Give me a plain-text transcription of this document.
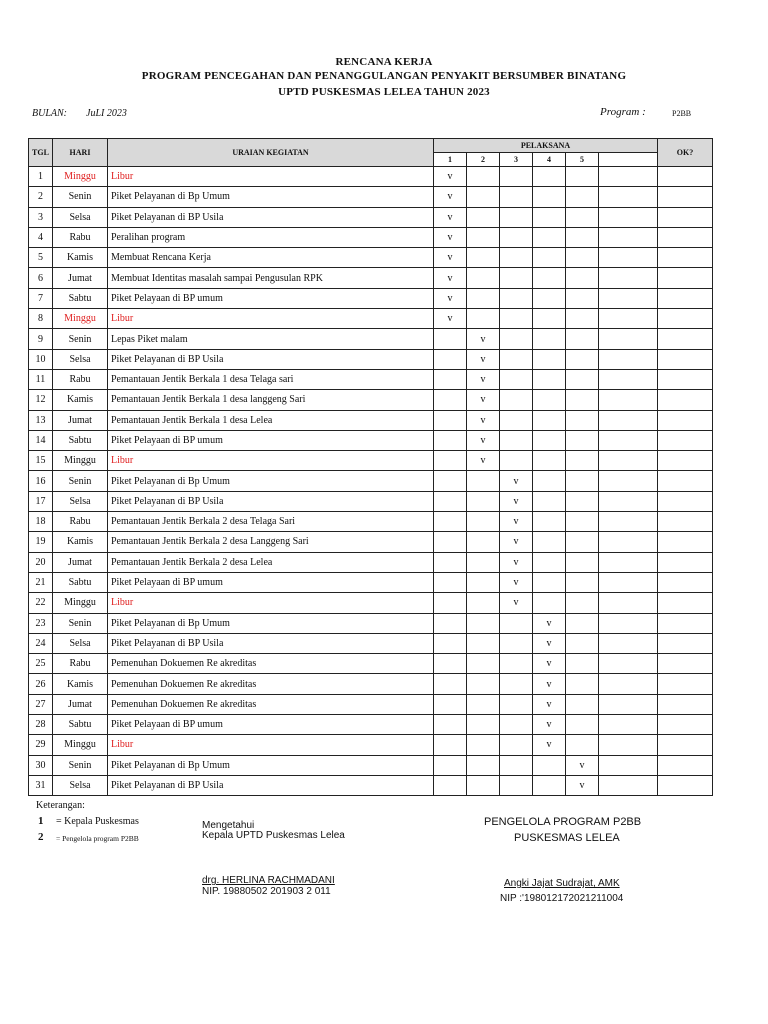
RENCANA KERJA
PROGRAM PENCEGAHAN DAN PENANGGULANGAN PENYAKIT BERSUMBER BINATANG
UPTD PUSKESMAS LELEA TAHUN 2023
BULAN: JuLI 2023	Program :	P2BB
TGL	HARI	URAIAN KEGIATAN	PELAKSANA						OK?
			1	2	3	4	5		
1	Minggu	Libur	v						
2	Senin	Piket Pelayanan di Bp Umum	v						
3	Selsa	Piket Pelayanan di BP Usila	v						
4	Rabu	Peralihan program	v						
5	Kamis	Membuat Rencana Kerja	v						
6	Jumat	Membuat Identitas masalah sampai Pengusulan RPK	v						
7	Sabtu	Piket Pelayaan di BP umum	v						
8	Minggu	Libur	v						
9	Senin	Lepas Piket malam		v					
10	Selsa	Piket Pelayanan di BP Usila		v					
11	Rabu	Pemantauan Jentik Berkala 1 desa Telaga sari		v					
12	Kamis	Pemantauan Jentik Berkala 1 desa langgeng Sari		v					
13	Jumat	Pemantauan Jentik Berkala 1 desa Lelea		v					
14	Sabtu	Piket Pelayaan di BP umum		v					
15	Minggu	Libur		v					
16	Senin	Piket Pelayanan di Bp Umum			v				
17	Selsa	Piket Pelayanan di BP Usila			v				
18	Rabu	Pemantauan Jentik Berkala 2 desa Telaga Sari			v				
19	Kamis	Pemantauan Jentik Berkala 2 desa Langgeng Sari			v				
20	Jumat	Pemantauan Jentik Berkala 2 desa Lelea			v				
21	Sabtu	Piket Pelayaan di BP umum			v				
22	Minggu	Libur			v				
23	Senin	Piket Pelayanan di Bp Umum				v			
24	Selsa	Piket Pelayanan di BP Usila				v			
25	Rabu	Pemenuhan Dokuemen Re akreditas				v			
26	Kamis	Pemenuhan Dokuemen Re akreditas				v			
27	Jumat	Pemenuhan Dokuemen Re akreditas				v			
28	Sabtu	Piket Pelayaan di BP umum				v			
29	Minggu	Libur				v			
30	Senin	Piket Pelayanan di Bp Umum					v		
31	Selsa	Piket Pelayanan di BP Usila					v		
Keterangan:
1 = Kepala Puskesmas
2 = Pengelola program P2BB
Mengetahui
Kepala UPTD Puskesmas Lelea
PENGELOLA PROGRAM P2BB
PUSKESMAS LELEA
drg. HERLINA RACHMADANI
NIP. 19880502 201903 2 011
Angki Jajat Sudrajat, AMK
NIP :'198012172021211004
